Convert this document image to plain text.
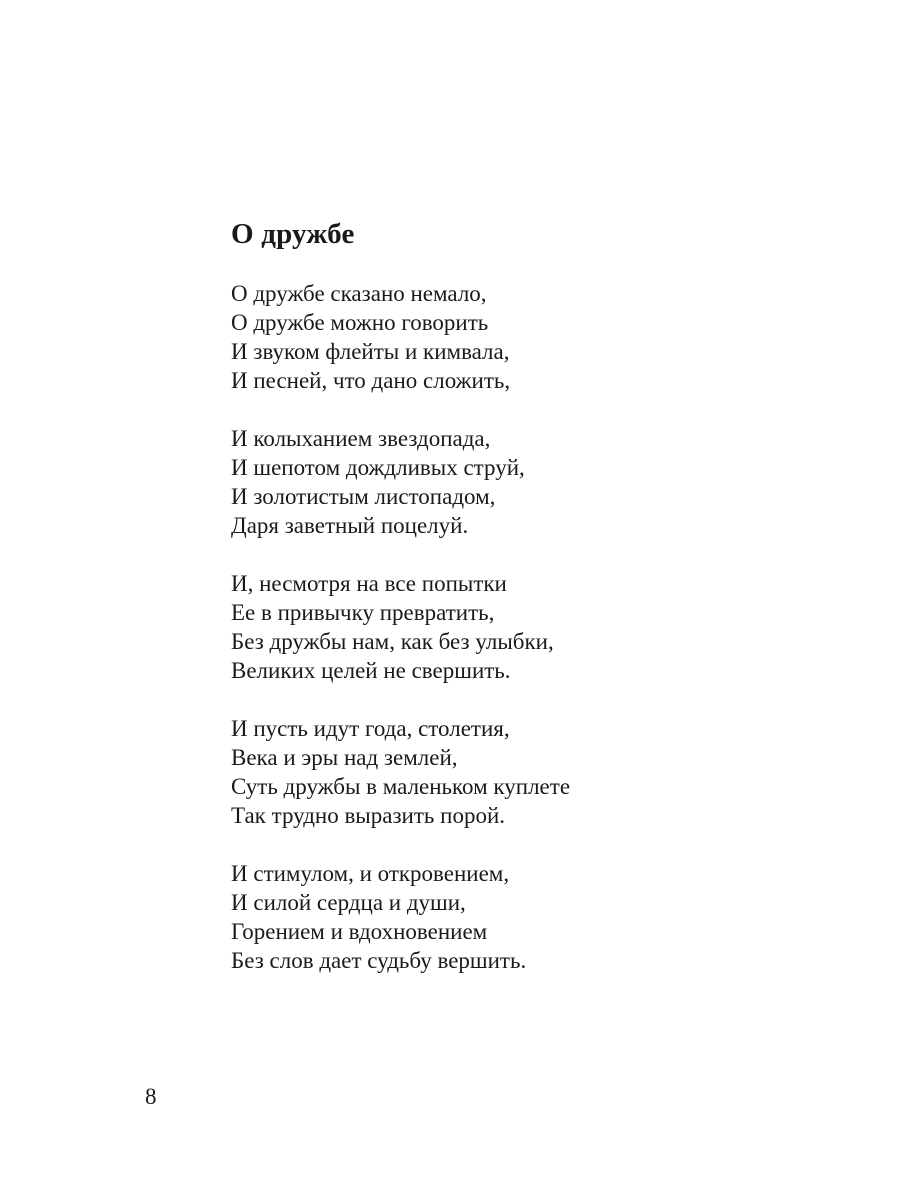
О дружбе
О дружбе сказано немало,
О дружбе можно говорить
И звуком флейты и кимвала,
И песней, что дано сложить,
И колыханием звездопада,
И шепотом дождливых струй,
И золотистым листопадом,
Даря заветный поцелуй.
И, несмотря на все попытки
Ее в привычку превратить,
Без дружбы нам, как без улыбки,
Великих целей не свершить.
И пусть идут года, столетия,
Века и эры над землей,
Суть дружбы в маленьком куплете
Так трудно выразить порой.
И стимулом, и откровением,
И силой сердца и души,
Горением и вдохновением
Без слов дает судьбу вершить.
8
